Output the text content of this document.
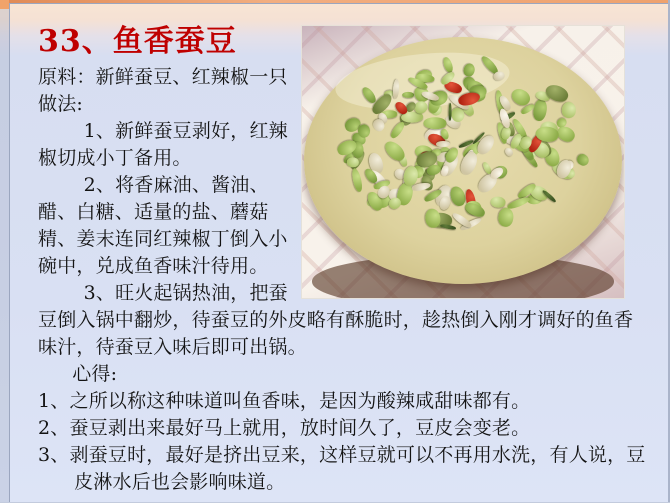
33、鱼香蚕豆

原料：新鲜蚕豆、红辣椒一只

做法:

1、新鲜蚕豆剥好，红辣椒切成小丁备用。

2、将香麻油、酱油、醋、白糖、适量的盐、蘑菇精、姜末连同红辣椒丁倒入小碗中，兑成鱼香味汁待用。

3、旺火起锅热油，把蚕豆倒入锅中翻炒，待蚕豆的外皮略有酥脆时，趁热倒入刚才调好的鱼香味汁，待蚕豆入味后即可出锅。

心得:

1、之所以称这种味道叫鱼香味，是因为酸辣咸甜味都有。

2、蚕豆剥出来最好马上就用，放时间久了，豆皮会变老。

3、剥蚕豆时，最好是挤出豆来，这样豆就可以不再用水洗，有人说，豆皮淋水后也会影响味道。
